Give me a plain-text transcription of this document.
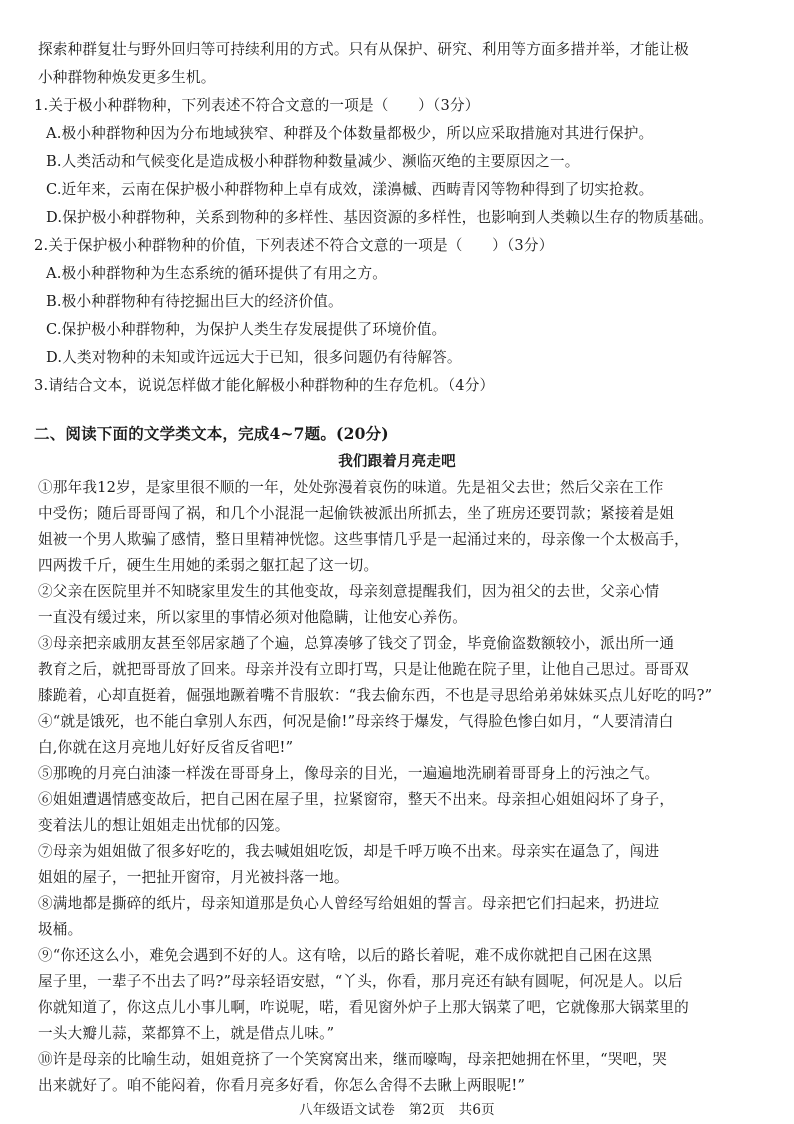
探索种群复壮与野外回归等可持续利用的方式。只有从保护、研究、利用等方面多措并举，才能让极
小种群物种焕发更多生机。
1.关于极小种群物种，下列表述不符合文意的一项是（　　）（3分）
A.极小种群物种因为分布地域狭窄、种群及个体数量都极少，所以应采取措施对其进行保护。
B.人类活动和气候变化是造成极小种群物种数量减少、濒临灭绝的主要原因之一。
C.近年来，云南在保护极小种群物种上卓有成效，漾濞槭、西畴青冈等物种得到了切实抢救。
D.保护极小种群物种，关系到物种的多样性、基因资源的多样性，也影响到人类赖以生存的物质基础。
2.关于保护极小种群物种的价值，下列表述不符合文意的一项是（　　）（3分）
A.极小种群物种为生态系统的循环提供了有用之方。
B.极小种群物种有待挖掘出巨大的经济价值。
C.保护极小种群物种，为保护人类生存发展提供了环境价值。
D.人类对物种的未知或许远远大于已知，很多问题仍有待解答。
3.请结合文本，说说怎样做才能化解极小种群物种的生存危机。（4分）
二、阅读下面的文学类文本，完成4~7题。(20分)
我们跟着月亮走吧
①那年我12岁，是家里很不顺的一年，处处弥漫着哀伤的味道。先是祖父去世；然后父亲在工作
中受伤；随后哥哥闯了祸，和几个小混混一起偷铁被派出所抓去，坐了班房还要罚款；紧接着是姐
姐被一个男人欺骗了感情，整日里精神恍惚。这些事情几乎是一起涌过来的，母亲像一个太极高手，
四两拨千斤，硬生生用她的柔弱之躯扛起了这一切。
②父亲在医院里并不知晓家里发生的其他变故，母亲刻意提醒我们，因为祖父的去世，父亲心情
一直没有缓过来，所以家里的事情必须对他隐瞒，让他安心养伤。
③母亲把亲戚朋友甚至邻居家趟了个遍，总算凑够了钱交了罚金，毕竟偷盗数额较小，派出所一通
教育之后，就把哥哥放了回来。母亲并没有立即打骂，只是让他跪在院子里，让他自己思过。哥哥双
膝跪着，心却直挺着，倔强地蹶着嘴不肯服软：“我去偷东西，不也是寻思给弟弟妹妹买点儿好吃的吗?”
④“就是饿死，也不能白拿别人东西，何况是偷!”母亲终于爆发，气得脸色惨白如月，“人要清清白
白,你就在这月亮地儿好好反省反省吧!”
⑤那晚的月亮白油漆一样泼在哥哥身上，像母亲的目光，一遍遍地洗刷着哥哥身上的污浊之气。
⑥姐姐遭遇情感变故后，把自己困在屋子里，拉紧窗帘，整天不出来。母亲担心姐姐闷坏了身子，
变着法儿的想让姐姐走出忧郁的囚笼。
⑦母亲为姐姐做了很多好吃的，我去喊姐姐吃饭，却是千呼万唤不出来。母亲实在逼急了，闯进
姐姐的屋子，一把扯开窗帘，月光被抖落一地。
⑧满地都是撕碎的纸片，母亲知道那是负心人曾经写给姐姐的誓言。母亲把它们扫起来，扔进垃
圾桶。
⑨“你还这么小，难免会遇到不好的人。这有啥，以后的路长着呢，难不成你就把自己困在这黑
屋子里，一辈子不出去了吗?”母亲轻语安慰，“丫头，你看，那月亮还有缺有圆呢，何况是人。以后
你就知道了，你这点儿小事儿啊，咋说呢，喏，看见窗外炉子上那大锅菜了吧，它就像那大锅菜里的
一头大瓣儿蒜，菜都算不上，就是借点儿味。”
⑩许是母亲的比喻生动，姐姐竟挤了一个笑窝窝出来，继而嚎啕，母亲把她拥在怀里，“哭吧，哭
出来就好了。咱不能闷着，你看月亮多好看，你怎么舍得不去瞅上两眼呢!”
八年级语文试卷　第2页　共6页
